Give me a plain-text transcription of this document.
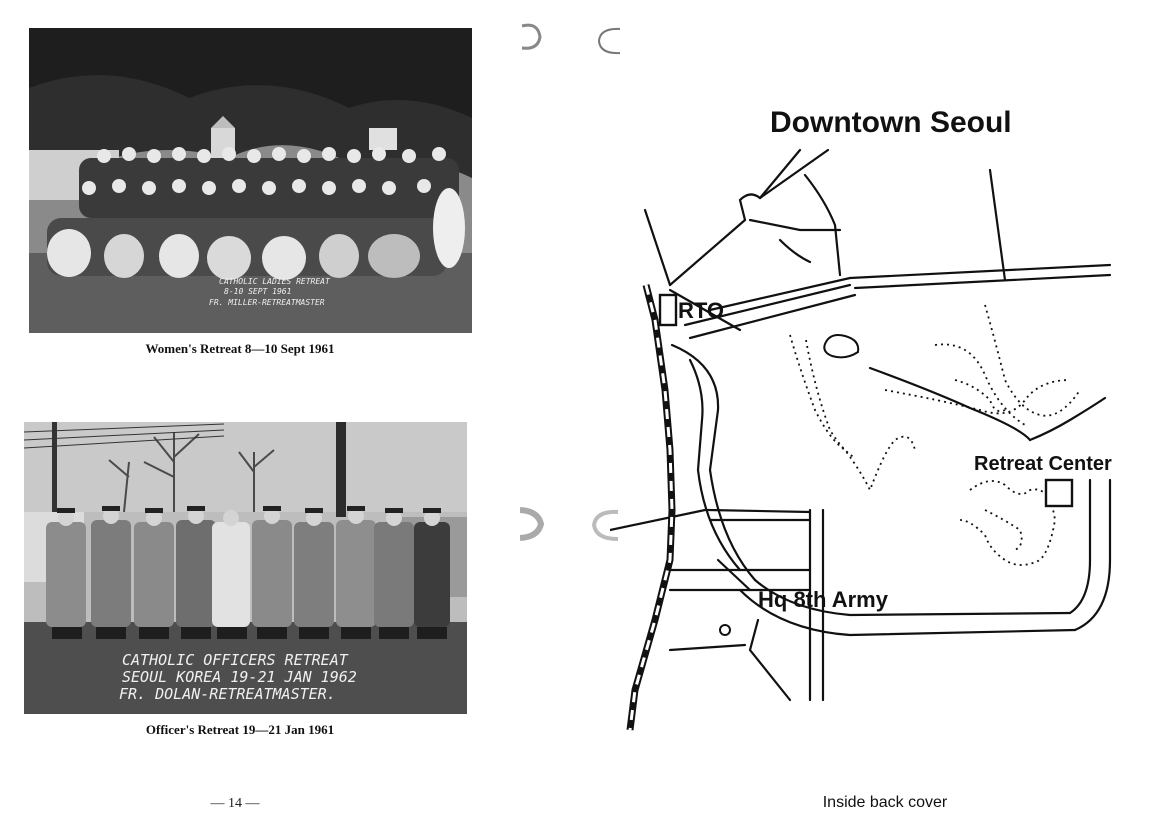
CATHOLIC LADIES RETREAT
8-10 SEPT 1961
FR. MILLER-RETREATMASTER
Women's Retreat 8—10 Sept 1961
CATHOLIC OFFICERS RETREAT
SEOUL KOREA 19-21 JAN 1962
FR. DOLAN-RETREATMASTER.
Officer's Retreat 19—21 Jan 1961
— 14 —
Downtown Seoul
RTO
Retreat Center
Hq 8th Army
Inside back cover
